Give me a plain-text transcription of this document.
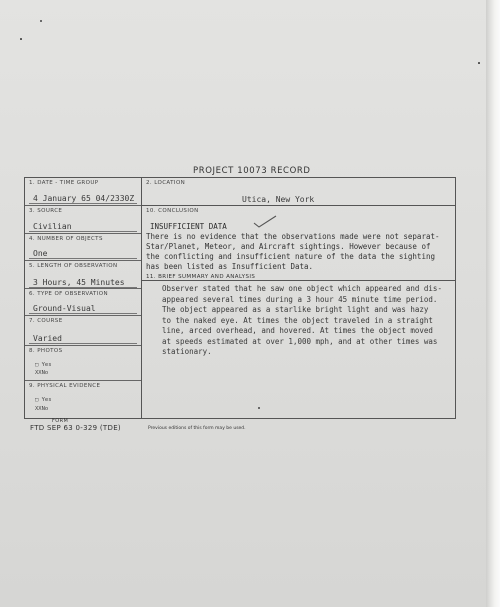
PROJECT 10073 RECORD
1. DATE - TIME GROUP
4 January 65 04/2330Z
3. SOURCE
Civilian
4. NUMBER OF OBJECTS
One
5. LENGTH OF OBSERVATION
3 Hours, 45 Minutes
6. TYPE OF OBSERVATION
Ground-Visual
7. COURSE
Varied
8. PHOTOS
□ Yes
XXNo
9. PHYSICAL EVIDENCE
□ Yes
XXNo
2. LOCATION
Utica, New York
10. CONCLUSION
INSUFFICIENT DATA
There is no evidence that the observations made were not separat-
Star/Planet, Meteor, and Aircraft sightings. However because of
the conflicting and insufficient nature of the data the sighting
has been listed as Insufficient Data.
11. BRIEF SUMMARY AND ANALYSIS
Observer stated that he saw one object which appeared and dis-
appeared several times during a 3 hour 45 minute time period.
The object appeared as a starlike bright light and was hazy
to the naked eye. At times the object traveled in a straight
line, arced overhead, and hovered. At times the object moved
at speeds estimated at over 1,000 mph, and at other times was
stationary.
FORM
FTD SEP 63 0-329 (TDE)	Previous editions of this form may be used.
